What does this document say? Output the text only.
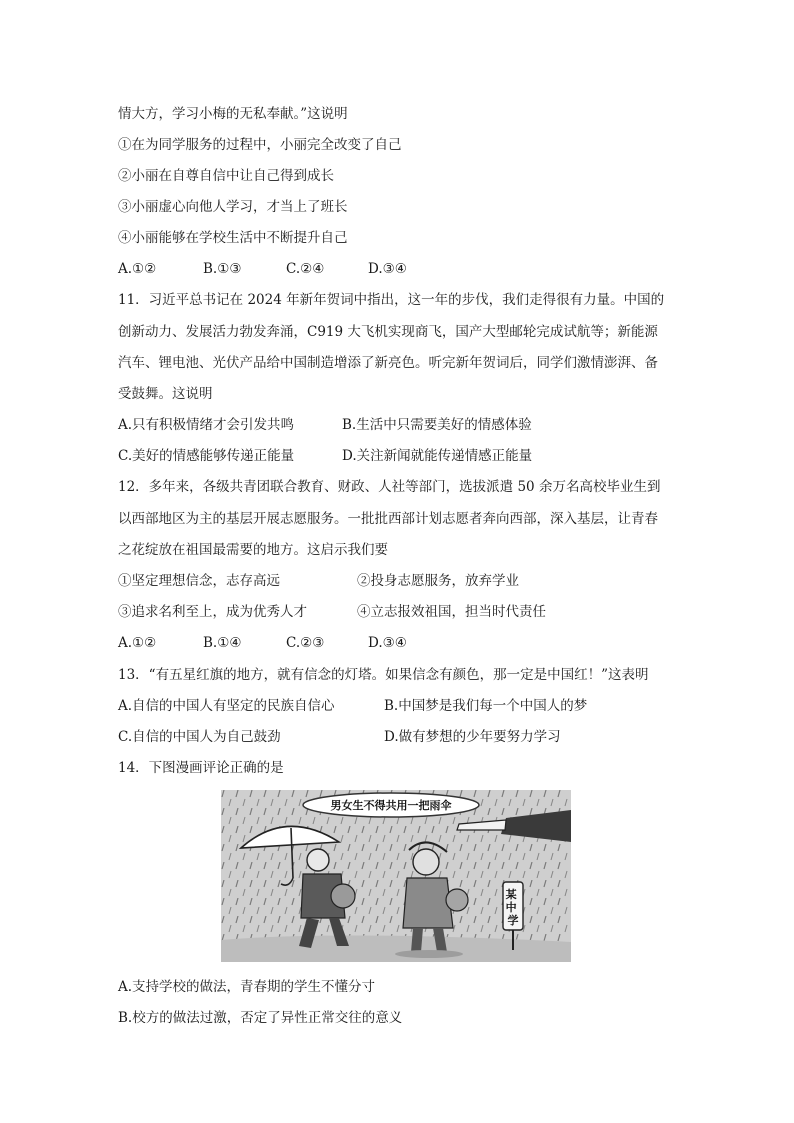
情大方，学习小梅的无私奉献。”这说明
①在为同学服务的过程中，小丽完全改变了自己
②小丽在自尊自信中让自己得到成长
③小丽虚心向他人学习，才当上了班长
④小丽能够在学校生活中不断提升自己
A.①②	B.①③	C.②④	D.③④
11．习近平总书记在 2024 年新年贺词中指出，这一年的步伐，我们走得很有力量。中国的
创新动力、发展活力勃发奔涌，C919 大飞机实现商飞，国产大型邮轮完成试航等；新能源
汽车、锂电池、光伏产品给中国制造增添了新亮色。听完新年贺词后，同学们激情澎湃、备
受鼓舞。这说明
A.只有积极情绪才会引发共鸣	B.生活中只需要美好的情感体验
C.美好的情感能够传递正能量	D.关注新闻就能传递情感正能量
12．多年来，各级共青团联合教育、财政、人社等部门，选拔派遣 50 余万名高校毕业生到
以西部地区为主的基层开展志愿服务。一批批西部计划志愿者奔向西部，深入基层，让青春
之花绽放在祖国最需要的地方。这启示我们要
①坚定理想信念，志存高远	②投身志愿服务，放弃学业
③追求名利至上，成为优秀人才	④立志报效祖国，担当时代责任
A.①②	B.①④	C.②③	D.③④
13．“有五星红旗的地方，就有信念的灯塔。如果信念有颜色，那一定是中国红！”这表明
A.自信的中国人有坚定的民族自信心	B.中国梦是我们每一个中国人的梦
C.自信的中国人为自己鼓劲	D.做有梦想的少年要努力学习
14．下图漫画评论正确的是
男女生不得共用一把雨伞
某 中 学
A.支持学校的做法，青春期的学生不懂分寸
B.校方的做法过激，否定了异性正常交往的意义
